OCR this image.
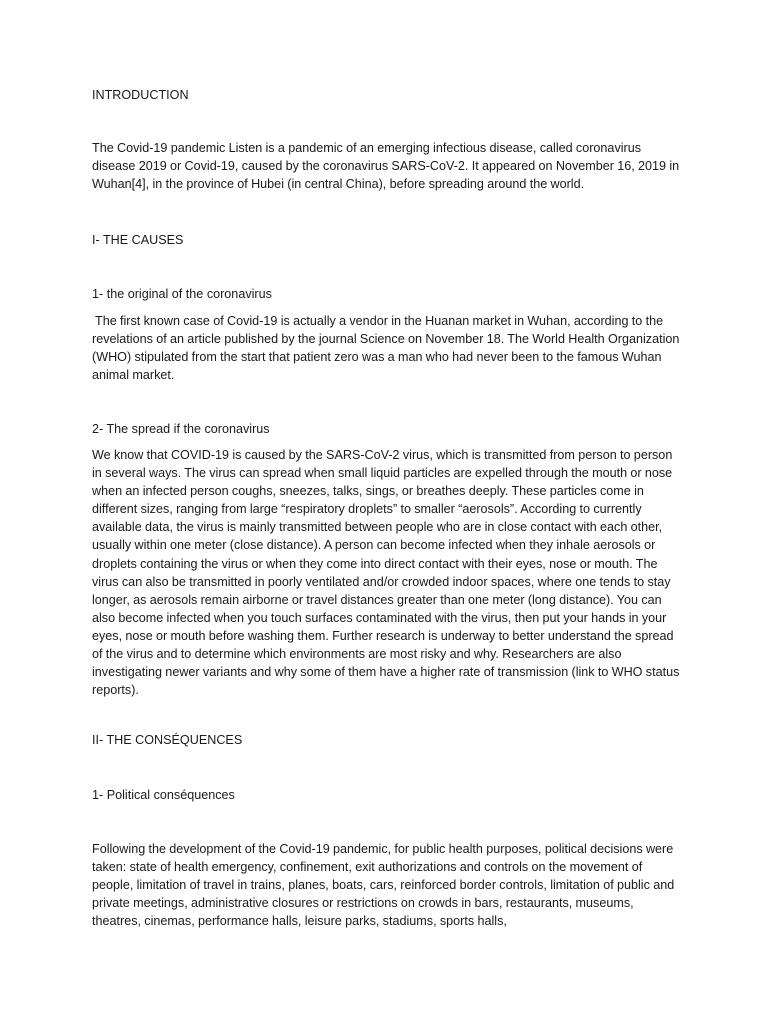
INTRODUCTION

The Covid-19 pandemic Listen is a pandemic of an emerging infectious disease, called coronavirus disease 2019 or Covid-19, caused by the coronavirus SARS-CoV-2. It appeared on November 16, 2019 in Wuhan[4], in the province of Hubei (in central China), before spreading around the world.

I- THE CAUSES

1- the original of the coronavirus

The first known case of Covid-19 is actually a vendor in the Huanan market in Wuhan, according to the revelations of an article published by the journal Science on November 18. The World Health Organization (WHO) stipulated from the start that patient zero was a man who had never been to the famous Wuhan animal market.

2- The spread if the coronavirus

We know that COVID-19 is caused by the SARS-CoV-2 virus, which is transmitted from person to person in several ways. The virus can spread when small liquid particles are expelled through the mouth or nose when an infected person coughs, sneezes, talks, sings, or breathes deeply. These particles come in different sizes, ranging from large “respiratory droplets” to smaller “aerosols”. According to currently available data, the virus is mainly transmitted between people who are in close contact with each other, usually within one meter (close distance). A person can become infected when they inhale aerosols or droplets containing the virus or when they come into direct contact with their eyes, nose or mouth. The virus can also be transmitted in poorly ventilated and/or crowded indoor spaces, where one tends to stay longer, as aerosols remain airborne or travel distances greater than one meter (long distance). You can also become infected when you touch surfaces contaminated with the virus, then put your hands in your eyes, nose or mouth before washing them. Further research is underway to better understand the spread of the virus and to determine which environments are most risky and why. Researchers are also investigating newer variants and why some of them have a higher rate of transmission (link to WHO status reports).

II- THE CONSÉQUENCES

1- Political conséquences

Following the development of the Covid-19 pandemic, for public health purposes, political decisions were taken: state of health emergency, confinement, exit authorizations and controls on the movement of people, limitation of travel in trains, planes, boats, cars, reinforced border controls, limitation of public and private meetings, administrative closures or restrictions on crowds in bars, restaurants, museums, theatres, cinemas, performance halls, leisure parks, stadiums, sports halls,
